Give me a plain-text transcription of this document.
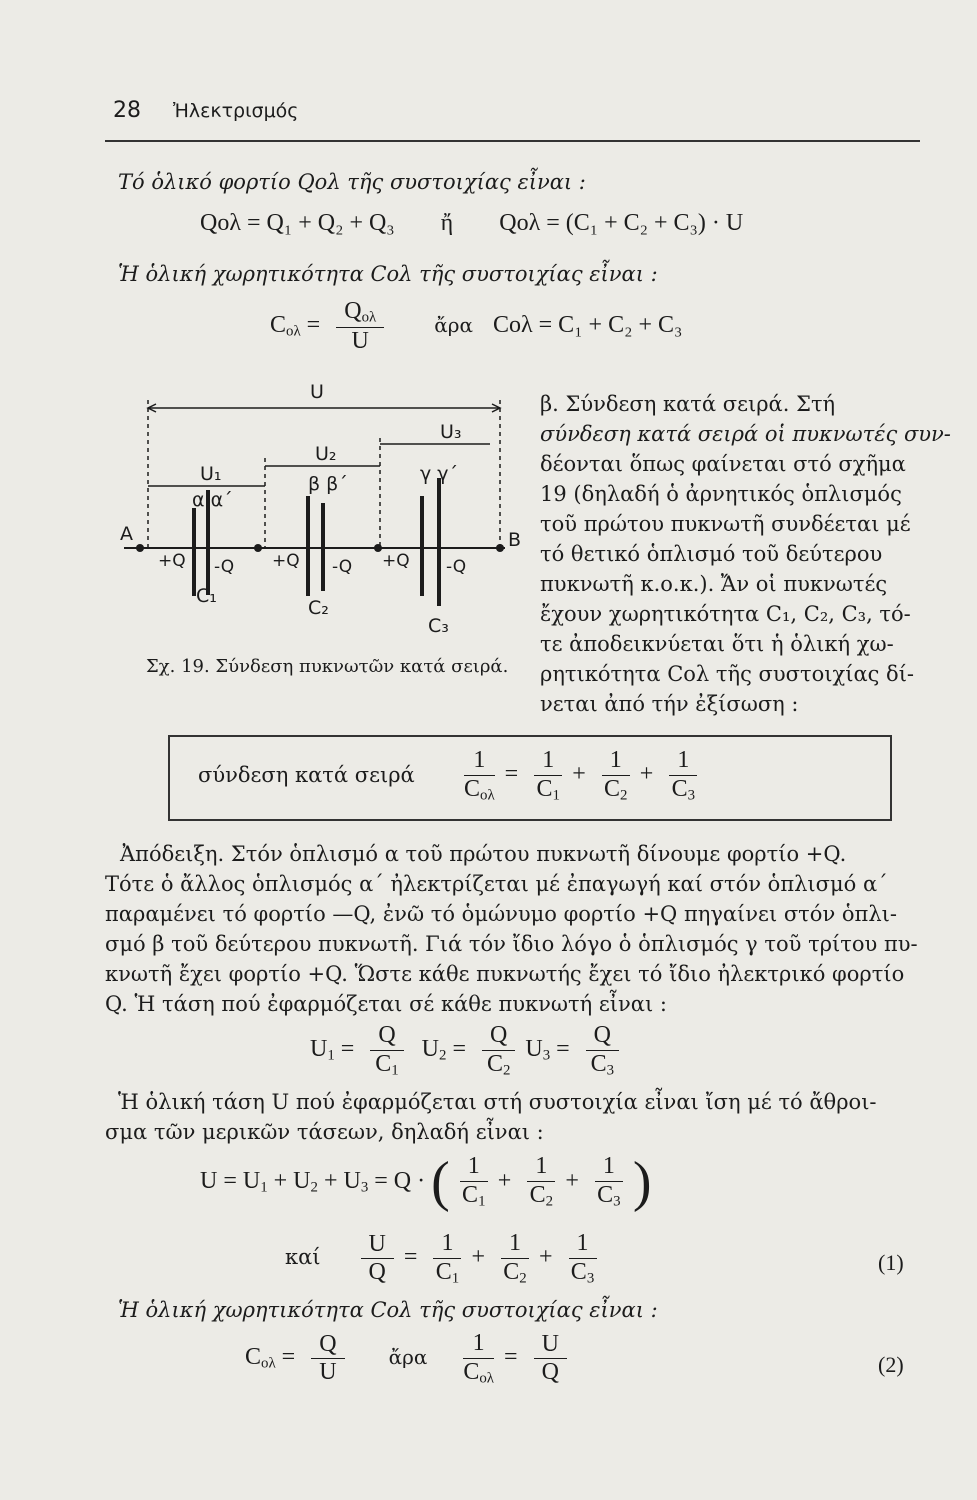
28 Ἠλεκτρισμός
Τό ὁλικό φορτίο Qολ τῆς συστοιχίας εἶναι :
Qολ = Q₁ + Q₂ + Q₃ ἤ Qολ = (C₁ + C₂ + C₃) · U
Ἡ ὁλική χωρητικότητα Cολ τῆς συστοιχίας εἶναι :
$C_{o\lambda} = \frac{Q_{o\lambda}}{U}$	ἄρα Cολ = C₁ + C₂ + C₃
U
U₁
U₂
U₃
A	B
α α΄
β β΄	γ γ΄
+Q -Q +Q -Q +Q -Q
C₁
C₂
C₃
Σχ. 19. Σύνδεση πυκνωτῶν κατά σειρά.
β. Σύνδεση κατά σειρά. Στή
σύνδεση κατά σειρά οἱ πυκνωτές συν-
δέονται ὅπως φαίνεται στό σχῆμα
19 (δηλαδή ὁ ἀρνητικός ὁπλισμός
τοῦ πρώτου πυκνωτῆ συνδέεται μέ
τό θετικό ὁπλισμό τοῦ δεύτερου
πυκνωτῆ κ.ο.κ.). Ἄν οἱ πυκνωτές
ἔχουν χωρητικότητα C₁, C₂, C₃, τό-
τε ἀποδεικνύεται ὅτι ἡ ὁλική χω-
ρητικότητα Cολ τῆς συστοιχίας δί-
νεται ἀπό τήν ἐξίσωση :
σύνδεση κατά σειρά $\frac{1}{C_{o\lambda}} = \frac{1}{C_1} + \frac{1}{C_2} + \frac{1}{C_3}$
Ἀπόδειξη. Στόν ὁπλισμό α τοῦ πρώτου πυκνωτῆ δίνουμε φορτίο +Q.
Τότε ὁ ἄλλος ὁπλισμός α΄ ἠλεκτρίζεται μέ ἐπαγωγή καί στόν ὁπλισμό α΄
παραμένει τό φορτίο —Q, ἐνῶ τό ὁμώνυμο φορτίο +Q πηγαίνει στόν ὁπλι-
σμό β τοῦ δεύτερου πυκνωτῆ. Γιά τόν ἴδιο λόγο ὁ ὁπλισμός γ τοῦ τρίτου πυ-
κνωτῆ ἔχει φορτίο +Q. Ὥστε κάθε πυκνωτής ἔχει τό ἴδιο ἠλεκτρικό φορτίο
Q. Ἡ τάση πού ἐφαρμόζεται σέ κάθε πυκνωτή εἶναι :
$U_1 = \frac{Q}{C_1} U_2 = \frac{Q}{C_2} U_3 = \frac{Q}{C_3}$
Ἡ ὁλική τάση U πού ἐφαρμόζεται στή συστοιχία εἶναι ἴση μέ τό ἄθροι-
σμα τῶν μερικῶν τάσεων, δηλαδή εἶναι :
$U = U_1 + U_2 + U_3 = Q$ · ( $\frac{1}{C_1} + \frac{1}{C_2} + \frac{1}{C_3}$ )
καί $\frac{U}{Q} = \frac{1}{C_1} + \frac{1}{C_2} + \frac{1}{C_3}$	(1)
Ἡ ὁλική χωρητικότητα Cολ τῆς συστοιχίας εἶναι :
$C_{o\lambda} = \frac{Q}{U}$ ἄρα $\frac{1}{C_{o\lambda}} = \frac{U}{Q}$	(2)
